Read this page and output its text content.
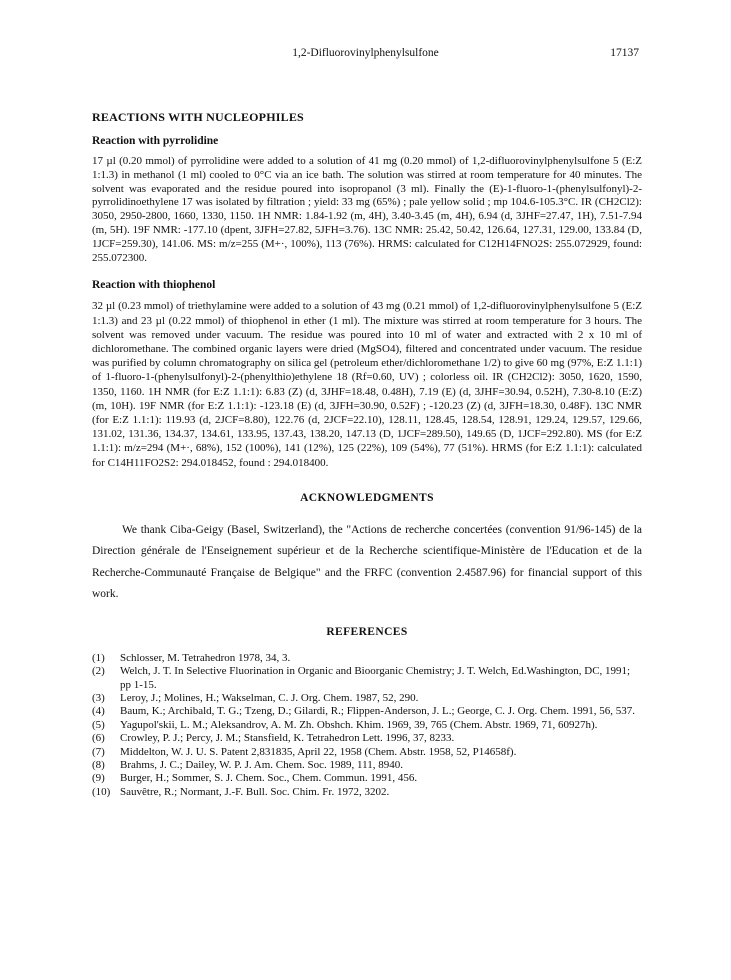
1,2-Difluorovinylphenylsulfone	17137
REACTIONS WITH NUCLEOPHILES
Reaction with pyrrolidine

17 µl (0.20 mmol) of pyrrolidine were added to a solution of 41 mg (0.20 mmol) of 1,2-difluorovinylphenylsulfone 5 (E:Z 1:1.3) in methanol (1 ml) cooled to 0°C via an ice bath. The solution was stirred at room temperature for 40 minutes. The solvent was evaporated and the residue poured into isopropanol (3 ml). Finally the (E)-1-fluoro-1-(phenylsulfonyl)-2-pyrrolidinoethylene 17 was isolated by filtration ; yield: 33 mg (65%) ; pale yellow solid ; mp 104.6-105.3°C. IR (CH2Cl2): 3050, 2950-2800, 1660, 1330, 1150. 1H NMR: 1.84-1.92 (m, 4H), 3.40-3.45 (m, 4H), 6.94 (d, 3JHF=27.47, 1H), 7.51-7.94 (m, 5H). 19F NMR: -177.10 (dpent, 3JFH=27.82, 5JFH=3.76). 13C NMR: 25.42, 50.42, 126.64, 127.31, 129.00, 133.84 (D, 1JCF=259.30), 141.06. MS: m/z=255 (M+·, 100%), 113 (76%). HRMS: calculated for C12H14FNO2S: 255.072929, found: 255.072300.

Reaction with thiophenol

32 µl (0.23 mmol) of triethylamine were added to a solution of 43 mg (0.21 mmol) of 1,2-difluorovinylphenylsulfone 5 (E:Z 1:1.3) and 23 µl (0.22 mmol) of thiophenol in ether (1 ml). The mixture was stirred at room temperature for 3 hours. The solvent was removed under vacuum. The residue was poured into 10 ml of water and extracted with 2 x 10 ml of dichloromethane. The combined organic layers were dried (MgSO4), filtered and concentrated under vacuum. The residue was purified by column chromatography on silica gel (petroleum ether/dichloromethane 1/2) to give 60 mg (97%, E:Z 1.1:1) of 1-fluoro-1-(phenylsulfonyl)-2-(phenylthio)ethylene 18 (Rf=0.60, UV) ; colorless oil. IR (CH2Cl2): 3050, 1620, 1590, 1350, 1160. 1H NMR (for E:Z 1.1:1): 6.83 (Z) (d, 3JHF=18.48, 0.48H), 7.19 (E) (d, 3JHF=30.94, 0.52H), 7.30-8.10 (E:Z) (m, 10H). 19F NMR (for E:Z 1.1:1): -123.18 (E) (d, 3JFH=30.90, 0.52F) ; -120.23 (Z) (d, 3JFH=18.30, 0.48F). 13C NMR (for E:Z 1.1:1): 119.93 (d, 2JCF=8.80), 122.76 (d, 2JCF=22.10), 128.11, 128.45, 128.54, 128.91, 129.24, 129.57, 129.66, 131.02, 131.36, 134.37, 134.61, 133.95, 137.43, 138.20, 147.13 (D, 1JCF=289.50), 149.65 (D, 1JCF=292.80). MS (for E:Z 1.1:1): m/z=294 (M+·, 68%), 152 (100%), 141 (12%), 125 (22%), 109 (54%), 77 (51%). HRMS (for E:Z 1.1:1): calculated for C14H11FO2S2: 294.018452, found : 294.018400.

ACKNOWLEDGMENTS

We thank Ciba-Geigy (Basel, Switzerland), the "Actions de recherche concertées (convention 91/96-145) de la Direction générale de l'Enseignement supérieur et de la Recherche scientifique-Ministère de l'Education et de la Recherche-Communauté Française de Belgique" and the FRFC (convention 2.4587.96) for financial support of this work.

REFERENCES

(1) Schlosser, M. Tetrahedron 1978, 34, 3.
(2) Welch, J. T. In Selective Fluorination in Organic and Bioorganic Chemistry; J. T. Welch, Ed.Washington, DC, 1991; pp 1-15.
(3) Leroy, J.; Molines, H.; Wakselman, C. J. Org. Chem. 1987, 52, 290.
(4) Baum, K.; Archibald, T. G.; Tzeng, D.; Gilardi, R.; Flippen-Anderson, J. L.; George, C. J. Org. Chem. 1991, 56, 537.
(5) Yagupol'skii, L. M.; Aleksandrov, A. M. Zh. Obshch. Khim. 1969, 39, 765 (Chem. Abstr. 1969, 71, 60927h).
(6) Crowley, P. J.; Percy, J. M.; Stansfield, K. Tetrahedron Lett. 1996, 37, 8233.
(7) Middelton, W. J. U. S. Patent 2,831835, April 22, 1958 (Chem. Abstr. 1958, 52, P14658f).
(8) Brahms, J. C.; Dailey, W. P. J. Am. Chem. Soc. 1989, 111, 8940.
(9) Burger, H.; Sommer, S. J. Chem. Soc., Chem. Commun. 1991, 456.
(10) Sauvêtre, R.; Normant, J.-F. Bull. Soc. Chim. Fr. 1972, 3202.
